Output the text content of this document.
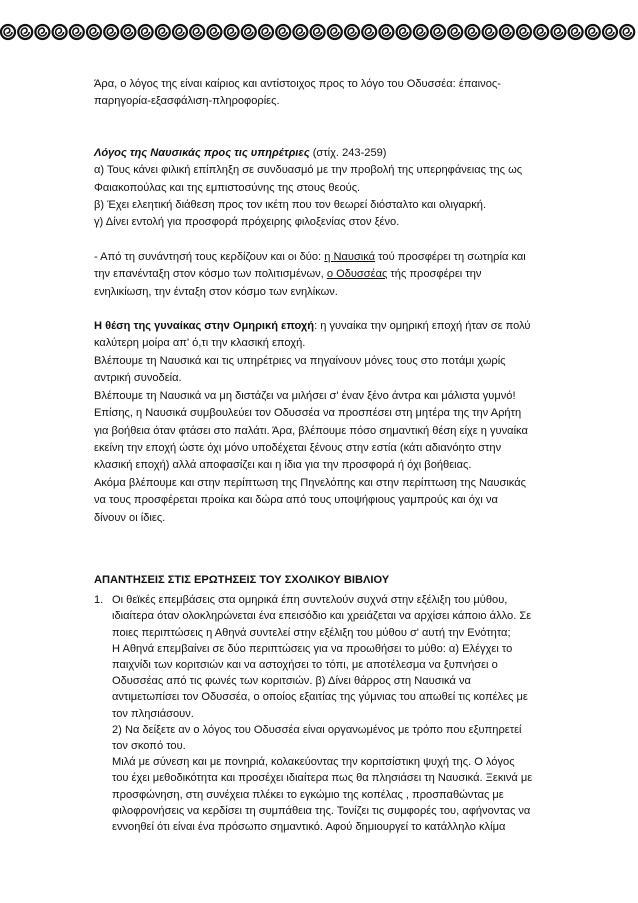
Άρα, ο λόγος της είναι καίριος και αντίστοιχος προς το λόγο του Οδυσσέα: έπαινος-

παρηγορία-εξασφάλιση-πληροφορίες.

Λόγος της Ναυσικάς προς τις υπηρέτριες (στίχ. 243-259)

α) Τους κάνει φιλική επίπληξη σε συνδυασμό με την προβολή της υπερηφάνειας της ως

Φαιακοπούλας και της εμπιστοσύνης της στους θεούς.

β) Έχει ελεητική διάθεση προς τον ικέτη που τον θεωρεί διόσταλτο και ολιγαρκή.

γ) Δίνει εντολή για προσφορά πρόχειρης φιλοξενίας στον ξένο.

- Από τη συνάντησή τους κερδίζουν και οι δύο: η Ναυσικά τού προσφέρει τη σωτηρία και

την επανένταξη στον κόσμο των πολιτισμένων, ο Οδυσσέας τής προσφέρει την

ενηλικίωση, την ένταξη στον κόσμο των ενηλίκων.

Η θέση της γυναίκας στην Ομηρική εποχή: η γυναίκα την ομηρική εποχή ήταν σε πολύ

καλύτερη μοίρα απ' ό,τι την κλασική εποχή.

Βλέπουμε τη Ναυσικά και τις υπηρέτριες να πηγαίνουν μόνες τους στο ποτάμι χωρίς

αντρική συνοδεία.

Βλέπουμε τη Ναυσικά να μη διστάζει να μιλήσει σ' έναν ξένο άντρα και μάλιστα γυμνό!

Επίσης, η Ναυσικά συμβουλεύει τον Οδυσσέα να προσπέσει στη μητέρα της την Αρήτη

για βοήθεια όταν φτάσει στο παλάτι. Άρα, βλέπουμε πόσο σημαντική θέση είχε η γυναίκα

εκείνη την εποχή ώστε όχι μόνο υποδέχεται ξένους στην εστία (κάτι αδιανόητο στην

κλασική εποχή) αλλά αποφασίζει και η ίδια για την προσφορά ή όχι βοήθειας.

Ακόμα βλέπουμε και στην περίπτωση της Πηνελόπης και στην περίπτωση της Ναυσικάς

να τους προσφέρεται προίκα και δώρα από τους υποψήφιους γαμπρούς και όχι να

δίνουν οι ίδιες.

ΑΠΑΝΤΗΣΕΙΣ ΣΤΙΣ ΕΡΩΤΗΣΕΙΣ ΤΟΥ ΣΧΟΛΙΚΟΥ ΒΙΒΛΙΟΥ

1. Οι θεϊκές επεμβάσεις στα ομηρικά έπη συντελούν συχνά στην εξέλιξη του μύθου,

ιδιαίτερα όταν ολοκληρώνεται ένα επεισόδιο και χρειάζεται να αρχίσει κάποιο άλλο. Σε

ποιες περιπτώσεις η Αθηνά συντελεί στην εξέλιξη του μύθου σ' αυτή την Ενότητα;

Η Αθηνά επεμβαίνει σε δύο περιπτώσεις για να προωθήσει το μύθο: α) Ελέγχει το

παιχνίδι των κοριτσιών και να αστοχήσει το τόπι, με αποτέλεσμα να ξυπνήσει ο

Οδυσσέας από τις φωνές των κοριτσιών. β) Δίνει θάρρος στη Ναυσικά να

αντιμετωπίσει τον Οδυσσέα, ο οποίος εξαιτίας της γύμνιας του απωθεί τις κοπέλες με

τον πλησιάσουν.

2) Να δείξετε αν ο λόγος του Οδυσσέα είναι οργανωμένος με τρόπο που εξυπηρετεί

τον σκοπό του.

Μιλά με σύνεση και με πονηριά, κολακεύοντας την κοριτσίστικη ψυχή της. Ο λόγος

του έχει μεθοδικότητα και προσέχει ιδιαίτερα πως θα πλησιάσει τη Ναυσικά. Ξεκινά με

προσφώνηση, στη συνέχεια πλέκει το εγκώμιο της κοπέλας , προσπαθώντας με

φιλοφρονήσεις να κερδίσει τη συμπάθεια της. Τονίζει τις συμφορές του, αφήνοντας να

εννοηθεί ότι είναι ένα πρόσωπο σημαντικό. Αφού δημιουργεί το κατάλληλο κλίμα
